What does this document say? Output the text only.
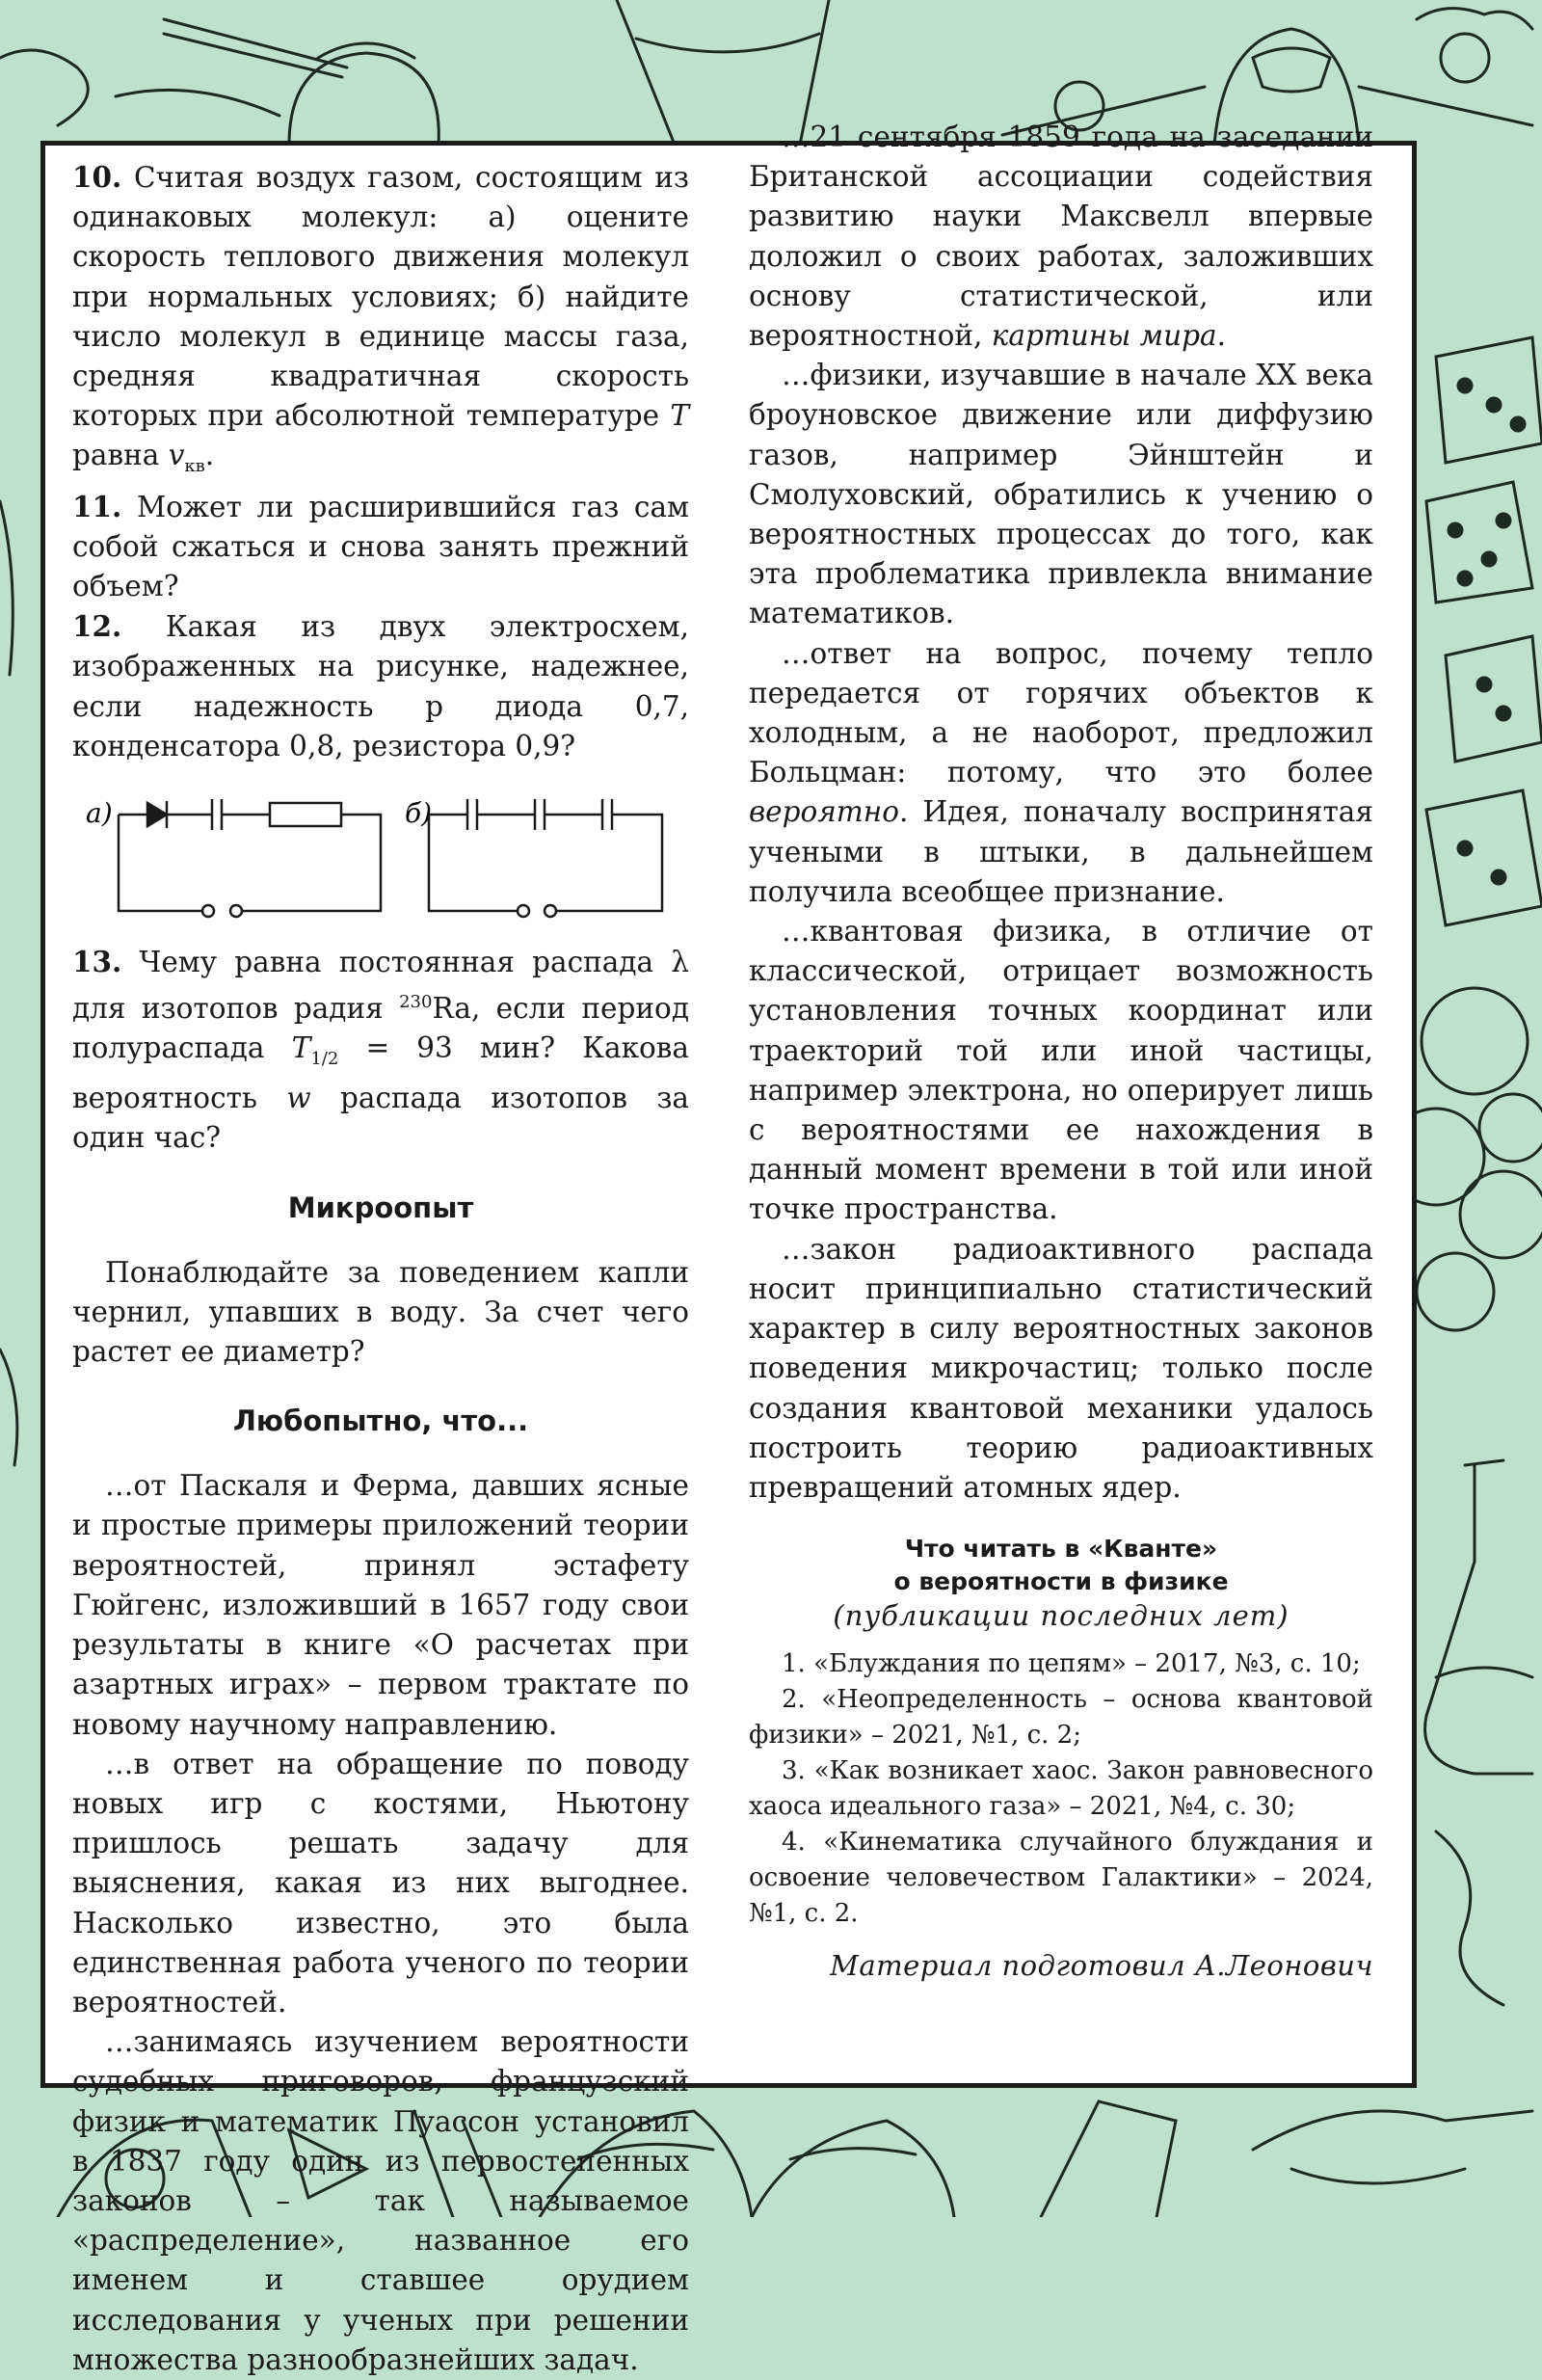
10. Считая воздух газом, состоящим из одинаковых молекул: а) оцените скорость теплового движения молекул при нормальных условиях; б) найдите число молекул в единице массы газа, средняя квадратичная скорость которых при абсолютной температуре T равна $v_{кв}$.

11. Может ли расширившийся газ сам собой сжаться и снова занять прежний объем?

12. Какая из двух электросхем, изображенных на рисунке, надежнее, если надежность р диода 0,7, конденсатора 0,8, резистора 0,9?

а)	б)

13. Чему равна постоянная распада λ для изотопов радия $^{230}$Ra, если период полураспада $T_{1/2} = 93$ мин? Какова вероятность w распада изотопов за один час?

Микроопыт

Понаблюдайте за поведением капли чернил, упавших в воду. За счет чего растет ее диаметр?

Любопытно, что...

…от Паскаля и Ферма, давших ясные и простые примеры приложений теории вероятностей, принял эстафету Гюйгенс, изложивший в 1657 году свои результаты в книге «О расчетах при азартных играх» – первом трактате по новому научному направлению.

…в ответ на обращение по поводу новых игр с костями, Ньютону пришлось решать задачу для выяснения, какая из них выгоднее. Насколько известно, это была единственная работа ученого по теории вероятностей.

…занимаясь изучением вероятности судебных приговоров, французский физик и математик Пуассон установил в 1837 году один из первостепенных законов – так называемое «распределение», названное его именем и ставшее орудием исследования у ученых при решении множества разнообразнейших задач.

…21 сентября 1859 года на заседании Британской ассоциации содействия развитию науки Максвелл впервые доложил о своих работах, заложивших основу статистической, или вероятностной, картины мира.

…физики, изучавшие в начале XX века броуновское движение или диффузию газов, например Эйнштейн и Смолуховский, обратились к учению о вероятностных процессах до того, как эта проблематика привлекла внимание математиков.

…ответ на вопрос, почему тепло передается от горячих объектов к холодным, а не наоборот, предложил Больцман: потому, что это более вероятно. Идея, поначалу воспринятая учеными в штыки, в дальнейшем получила всеобщее признание.

…квантовая физика, в отличие от классической, отрицает возможность установления точных координат или траекторий той или иной частицы, например электрона, но оперирует лишь с вероятностями ее нахождения в данный момент времени в той или иной точке пространства.

…закон радиоактивного распада носит принципиально статистический характер в силу вероятностных законов поведения микрочастиц; только после создания квантовой механики удалось построить теорию радиоактивных превращений атомных ядер.

Что читать в «Кванте»
о вероятности в физике
(публикации последних лет)

1. «Блуждания по цепям» – 2017, №3, с. 10;

2. «Неопределенность – основа квантовой физики» – 2021, №1, с. 2;

3. «Как возникает хаос. Закон равновесного хаоса идеального газа» – 2021, №4, с. 30;

4. «Кинематика случайного блуждания и освоение человечеством Галактики» – 2024, №1, с. 2.

Материал подготовил А.Леонович
